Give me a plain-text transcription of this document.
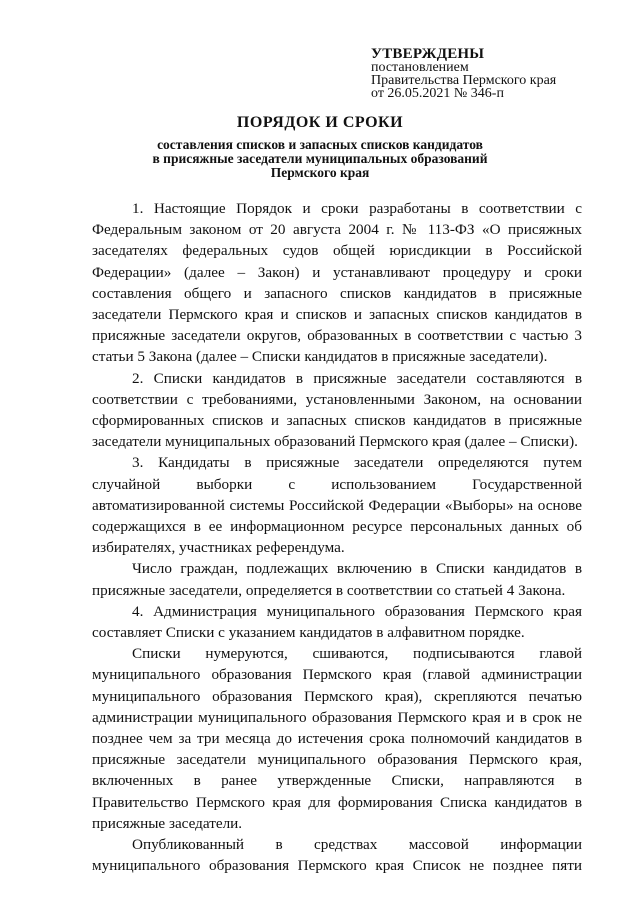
УТВЕРЖДЕНЫ
постановлением
Правительства Пермского края
от 26.05.2021 № 346-п
ПОРЯДОК И СРОКИ
составления списков и запасных списков кандидатов
в присяжные заседатели муниципальных образований
Пермского края

1. Настоящие Порядок и сроки разработаны в соответствии с Федеральным законом от 20 августа 2004 г. № 113-ФЗ «О присяжных заседателях федеральных судов общей юрисдикции в Российской Федерации» (далее – Закон) и устанавливают процедуру и сроки составления общего и запасного списков кандидатов в присяжные заседатели Пермского края и списков и запасных списков кандидатов в присяжные заседатели округов, образованных в соответствии с частью 3 статьи 5 Закона (далее – Списки кандидатов в присяжные заседатели).

2. Списки кандидатов в присяжные заседатели составляются в соответствии с требованиями, установленными Законом, на основании сформированных списков и запасных списков кандидатов в присяжные заседатели муниципальных образований Пермского края (далее – Списки).

3. Кандидаты в присяжные заседатели определяются путем случайной выборки с использованием Государственной автоматизированной системы Российской Федерации «Выборы» на основе содержащихся в ее информационном ресурсе персональных данных об избирателях, участниках референдума.

Число граждан, подлежащих включению в Списки кандидатов в присяжные заседатели, определяется в соответствии со статьей 4 Закона.

4. Администрация муниципального образования Пермского края составляет Списки с указанием кандидатов в алфавитном порядке.

Списки нумеруются, сшиваются, подписываются главой муниципального образования Пермского края (главой администрации муниципального образования Пермского края), скрепляются печатью администрации муниципального образования Пермского края и в срок не позднее чем за три месяца до истечения срока полномочий кандидатов в присяжные заседатели муниципального образования Пермского края, включенных в ранее утвержденные Списки, направляются в Правительство Пермского края для формирования Списка кандидатов в присяжные заседатели.

Опубликованный в средствах массовой информации муниципального образования Пермского края Список не позднее пяти
